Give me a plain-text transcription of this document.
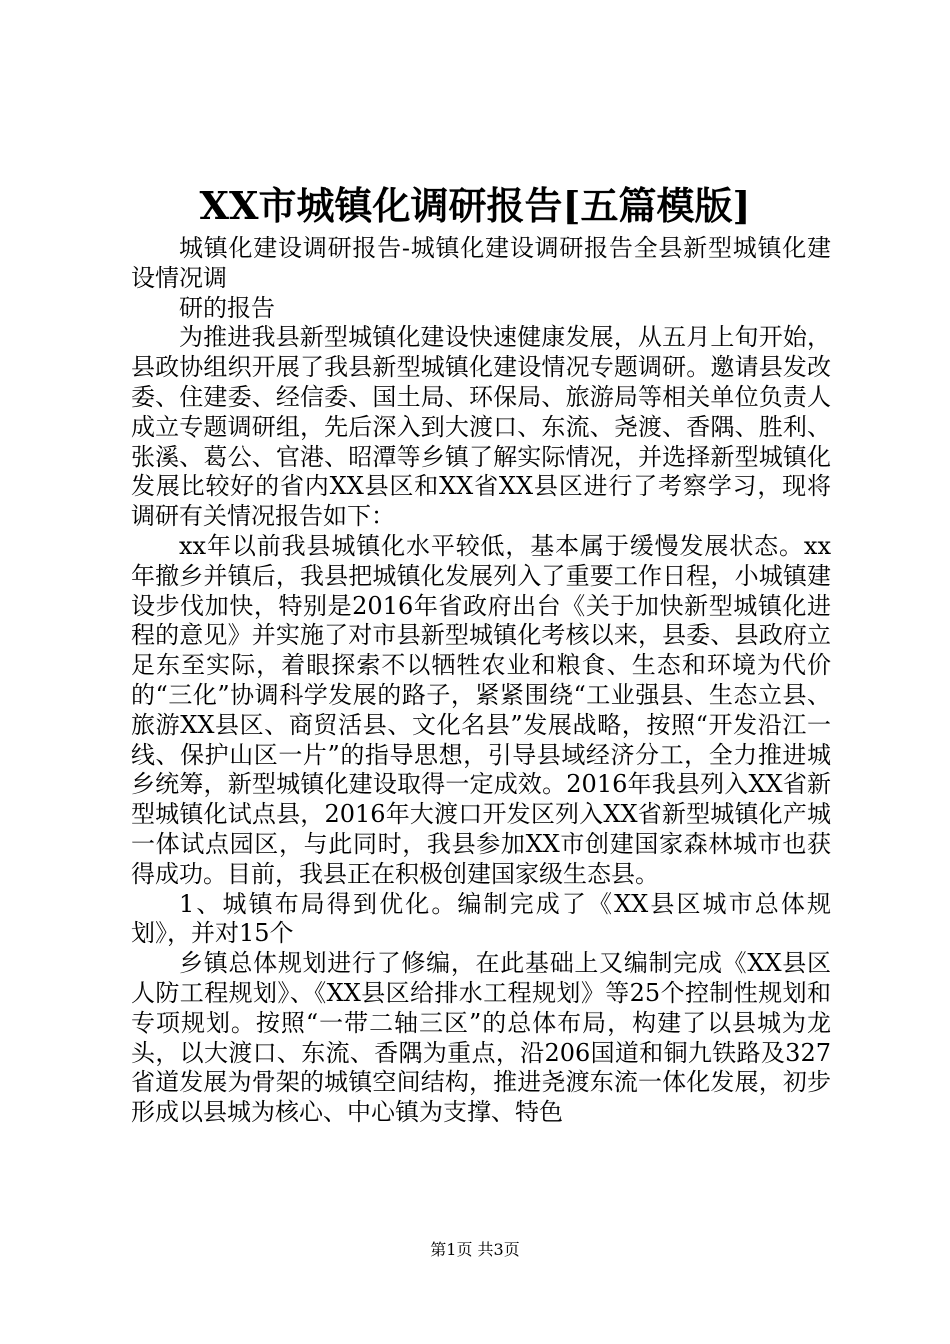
XX市城镇化调研报告[五篇模版]

城镇化建设调研报告-城镇化建设调研报告全县新型城镇化建设情况调

研的报告

为推进我县新型城镇化建设快速健康发展，从五月上旬开始，县政协组织开展了我县新型城镇化建设情况专题调研。邀请县发改委、住建委、经信委、国土局、环保局、旅游局等相关单位负责人成立专题调研组，先后深入到大渡口、东流、尧渡、香隅、胜利、张溪、葛公、官港、昭潭等乡镇了解实际情况，并选择新型城镇化发展比较好的省内XX县区和XX省XX县区进行了考察学习，现将调研有关情况报告如下：

xx年以前我县城镇化水平较低，基本属于缓慢发展状态。xx年撤乡并镇后，我县把城镇化发展列入了重要工作日程，小城镇建设步伐加快，特别是2016年省政府出台《关于加快新型城镇化进程的意见》并实施了对市县新型城镇化考核以来，县委、县政府立足东至实际，着眼探索不以牺牲农业和粮食、生态和环境为代价的“三化”协调科学发展的路子，紧紧围绕“工业强县、生态立县、旅游XX县区、商贸活县、文化名县”发展战略，按照“开发沿江一线、保护山区一片”的指导思想，引导县域经济分工，全力推进城乡统筹，新型城镇化建设取得一定成效。2016年我县列入XX省新型城镇化试点县，2016年大渡口开发区列入XX省新型城镇化产城一体试点园区，与此同时，我县参加XX市创建国家森林城市也获得成功。目前，我县正在积极创建国家级生态县。

1、城镇布局得到优化。编制完成了《XX县区城市总体规划》，并对15个

乡镇总体规划进行了修编，在此基础上又编制完成《XX县区人防工程规划》、《XX县区给排水工程规划》等25个控制性规划和专项规划。按照“一带二轴三区”的总体布局，构建了以县城为龙头，以大渡口、东流、香隅为重点，沿206国道和铜九铁路及327省道发展为骨架的城镇空间结构，推进尧渡东流一体化发展，初步形成以县城为核心、中心镇为支撑、特色

第1页 共3页
